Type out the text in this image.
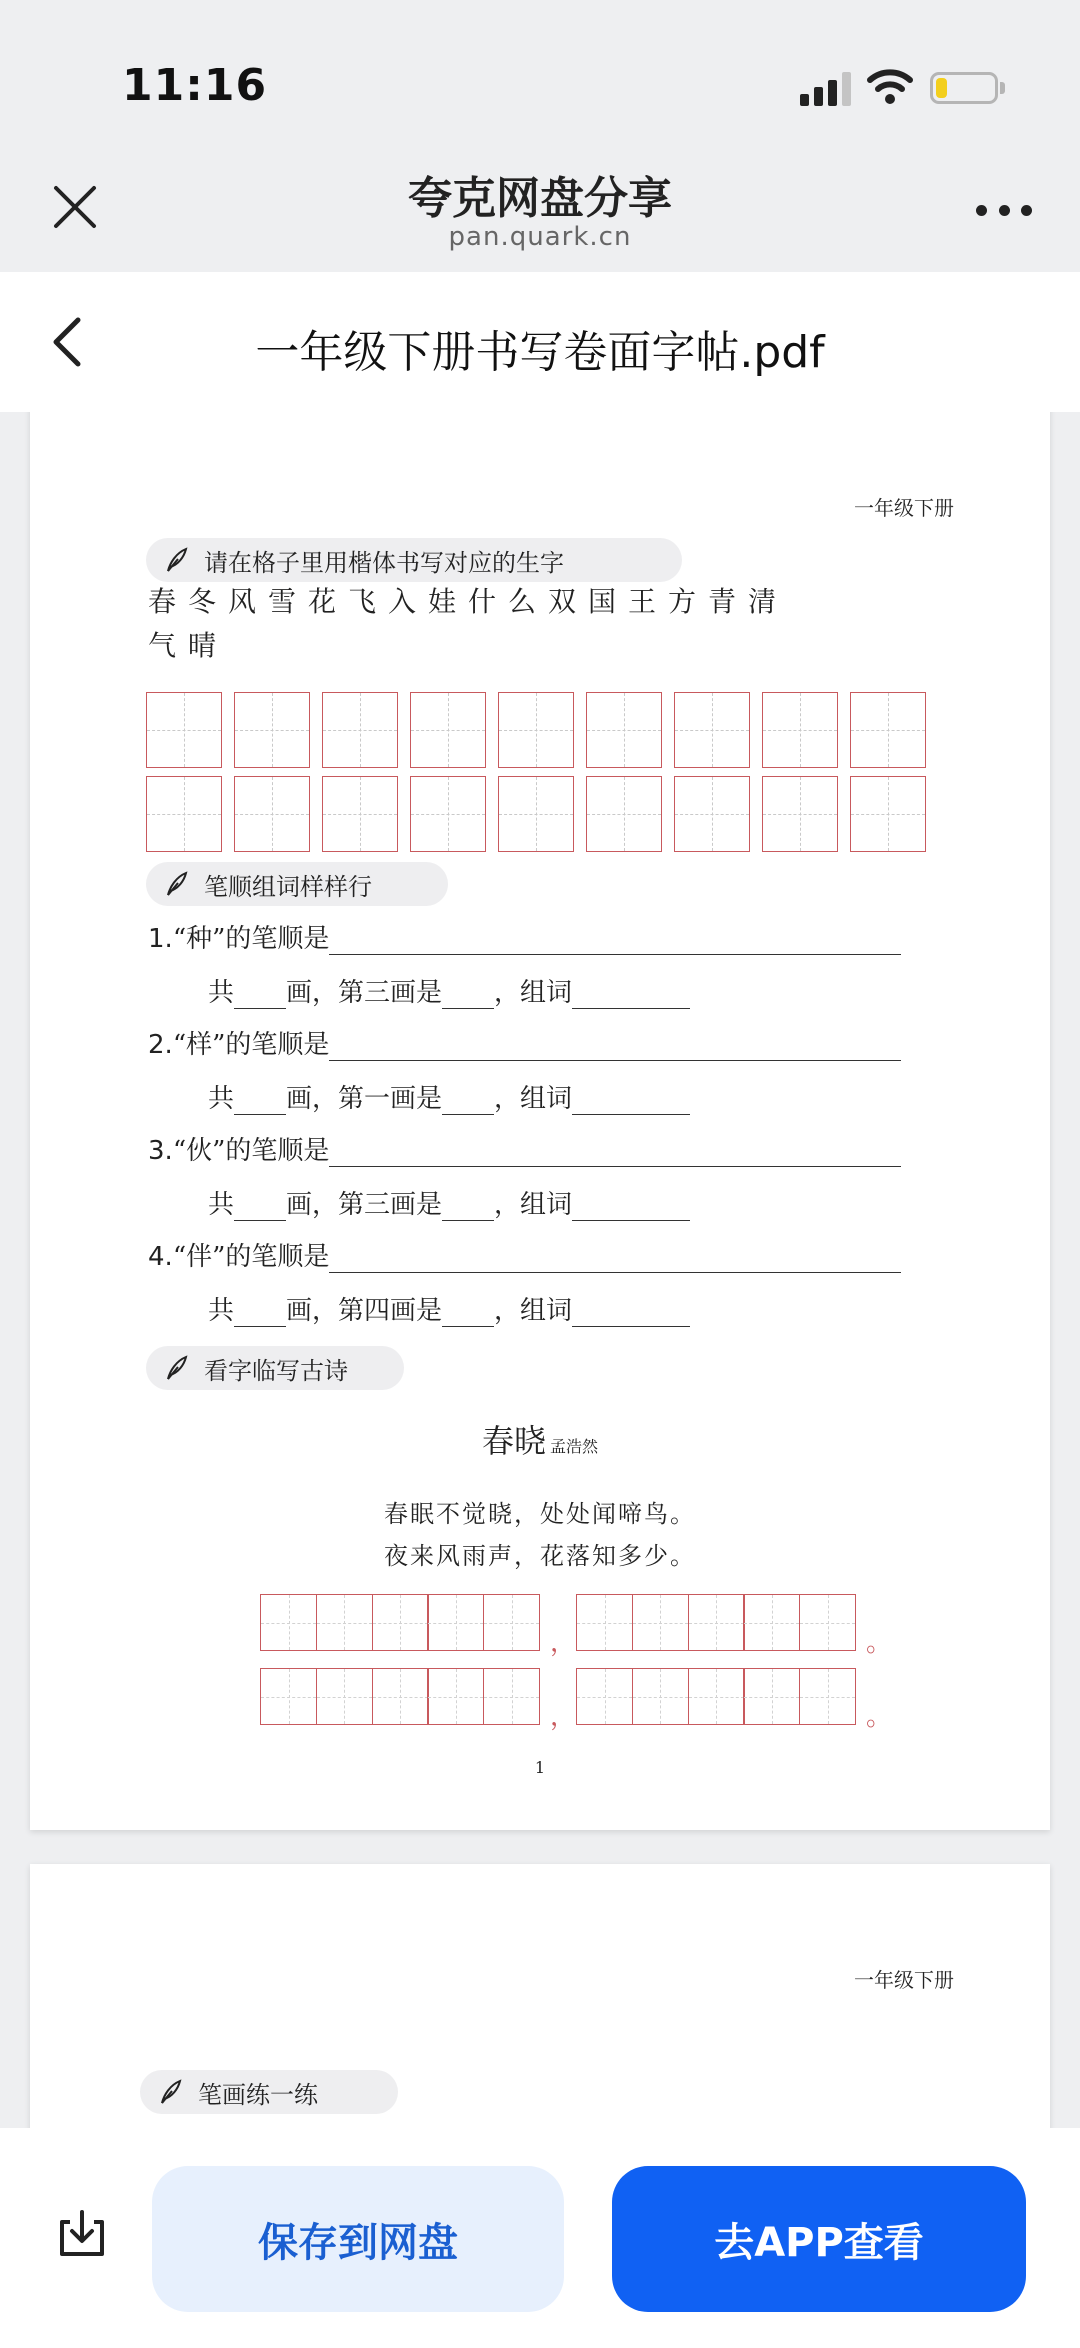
11:16
夸克网盘分享
pan.quark.cn
一年级下册书写卷面字帖.pdf
一年级下册
请在格子里用楷体书写对应的生字
春冬风雪花飞入娃什么双国王方青清
气晴
笔顺组词样样行
1.“种”的笔顺是
共 画，第三画是 ，组词
2.“样”的笔顺是
共 画，第一画是 ，组词
3.“伙”的笔顺是
共 画，第三画是 ，组词
4.“伴”的笔顺是
共 画，第四画是 ，组词
看字临写古诗
春晓 孟浩然
春眠不觉晓，处处闻啼鸟。
夜来风雨声，花落知多少。
，	。
，	。
1
一年级下册
笔画练一练
保存到网盘	去APP查看
